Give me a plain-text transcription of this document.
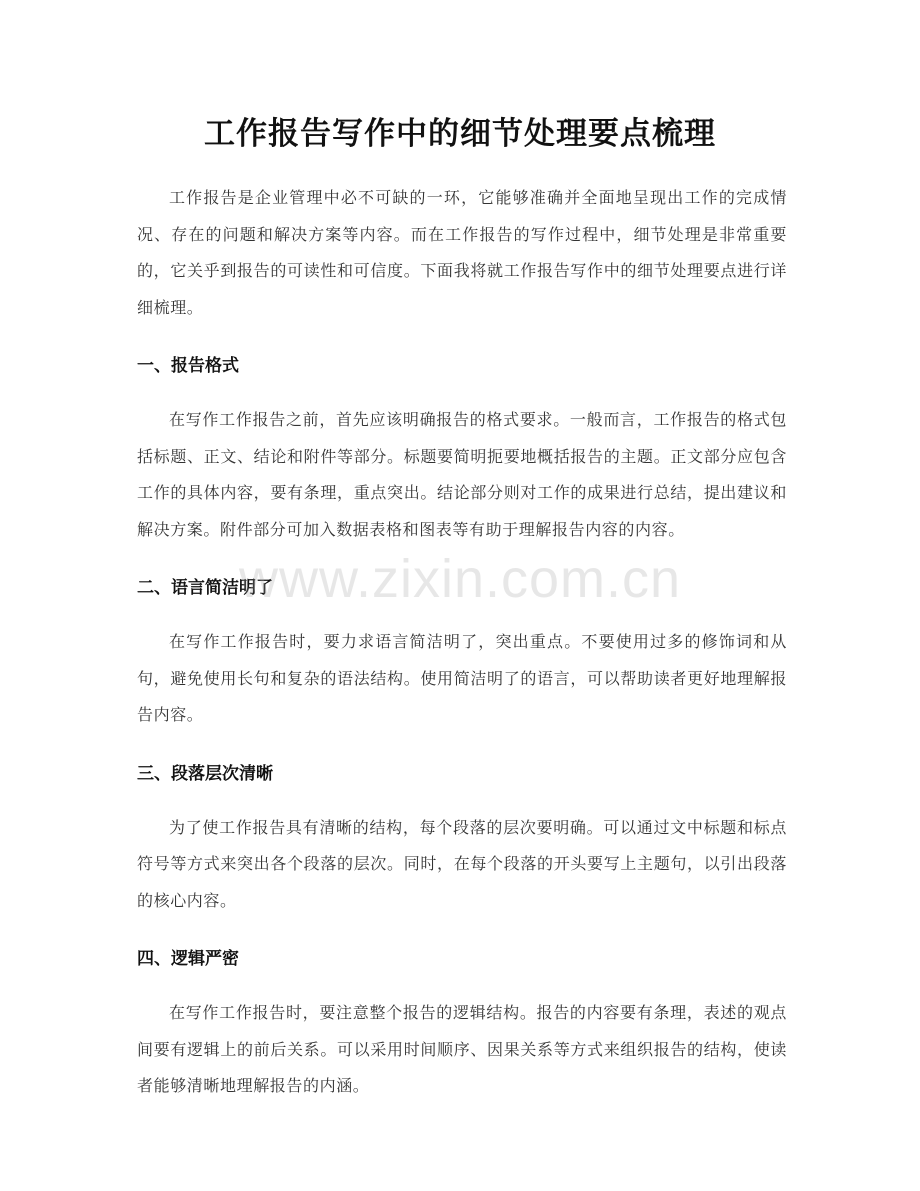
工作报告写作中的细节处理要点梳理

工作报告是企业管理中必不可缺的一环，它能够准确并全面地呈现出工作的完成情况、存在的问题和解决方案等内容。而在工作报告的写作过程中，细节处理是非常重要的，它关乎到报告的可读性和可信度。下面我将就工作报告写作中的细节处理要点进行详细梳理。

一、报告格式

在写作工作报告之前，首先应该明确报告的格式要求。一般而言，工作报告的格式包括标题、正文、结论和附件等部分。标题要简明扼要地概括报告的主题。正文部分应包含工作的具体内容，要有条理，重点突出。结论部分则对工作的成果进行总结，提出建议和解决方案。附件部分可加入数据表格和图表等有助于理解报告内容的内容。

二、语言简洁明了

在写作工作报告时，要力求语言简洁明了，突出重点。不要使用过多的修饰词和从句，避免使用长句和复杂的语法结构。使用简洁明了的语言，可以帮助读者更好地理解报告内容。

三、段落层次清晰

为了使工作报告具有清晰的结构，每个段落的层次要明确。可以通过文中标题和标点符号等方式来突出各个段落的层次。同时，在每个段落的开头要写上主题句，以引出段落的核心内容。

四、逻辑严密

在写作工作报告时，要注意整个报告的逻辑结构。报告的内容要有条理，表述的观点间要有逻辑上的前后关系。可以采用时间顺序、因果关系等方式来组织报告的结构，使读者能够清晰地理解报告的内涵。

www.zixin.com.cn
